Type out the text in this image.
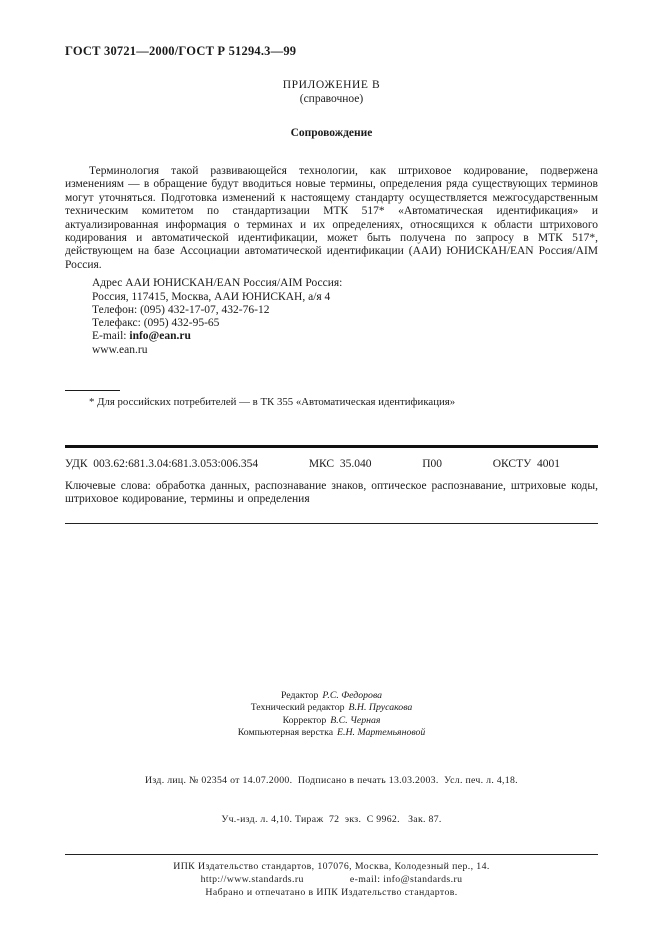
ГОСТ 30721—2000/ГОСТ Р 51294.3—99
ПРИЛОЖЕНИЕ В
(справочное)
Сопровождение
Терминология такой развивающейся технологии, как штриховое кодирование, подвержена изменениям — в обращение будут вводиться новые термины, определения ряда существующих терминов могут уточняться. Подготовка изменений к настоящему стандарту осуществляется межгосударственным техническим комитетом по стандартизации МТК 517* «Автоматическая идентификация» и актуализированная информация о терминах и их определениях, относящихся к области штрихового кодирования и автоматической идентификации, может быть получена по запросу в МТК 517*, действующем на базе Ассоциации автоматической идентификации (ААИ) ЮНИСКАН/EAN Россия/AIM Россия.
Адрес ААИ ЮНИСКАН/EAN Россия/AIM Россия:
Россия, 117415, Москва, ААИ ЮНИСКАН, а/я 4
Телефон: (095) 432-17-07, 432-76-12
Телефакс: (095) 432-95-65
E-mail: info@ean.ru
www.ean.ru
* Для российских потребителей — в ТК 355 «Автоматическая идентификация»
УДК  003.62:681.3.04:681.3.053:006.354	МКС  35.040	П00	ОКСТУ  4001
Ключевые слова: обработка данных, распознавание знаков, оптическое распознавание, штриховые коды, штриховое кодирование, термины и определения
Редактор Р.С. Федорова
Технический редактор В.Н. Прусакова
Корректор В.С. Черная
Компьютерная верстка Е.Н. Мартемьяновой

Изд. лиц. № 02354 от 14.07.2000.  Подписано в печать 13.03.2003.  Усл. печ. л. 4,18.

Уч.-изд. л. 4,10. Тираж  72  экз.  С 9962.   Зак. 87.

ИПК Издательство стандартов, 107076, Москва, Колодезный пер., 14.
http://www.standards.ru	e-mail: info@standards.ru
Набрано и отпечатано в ИПК Издательство стандартов.
